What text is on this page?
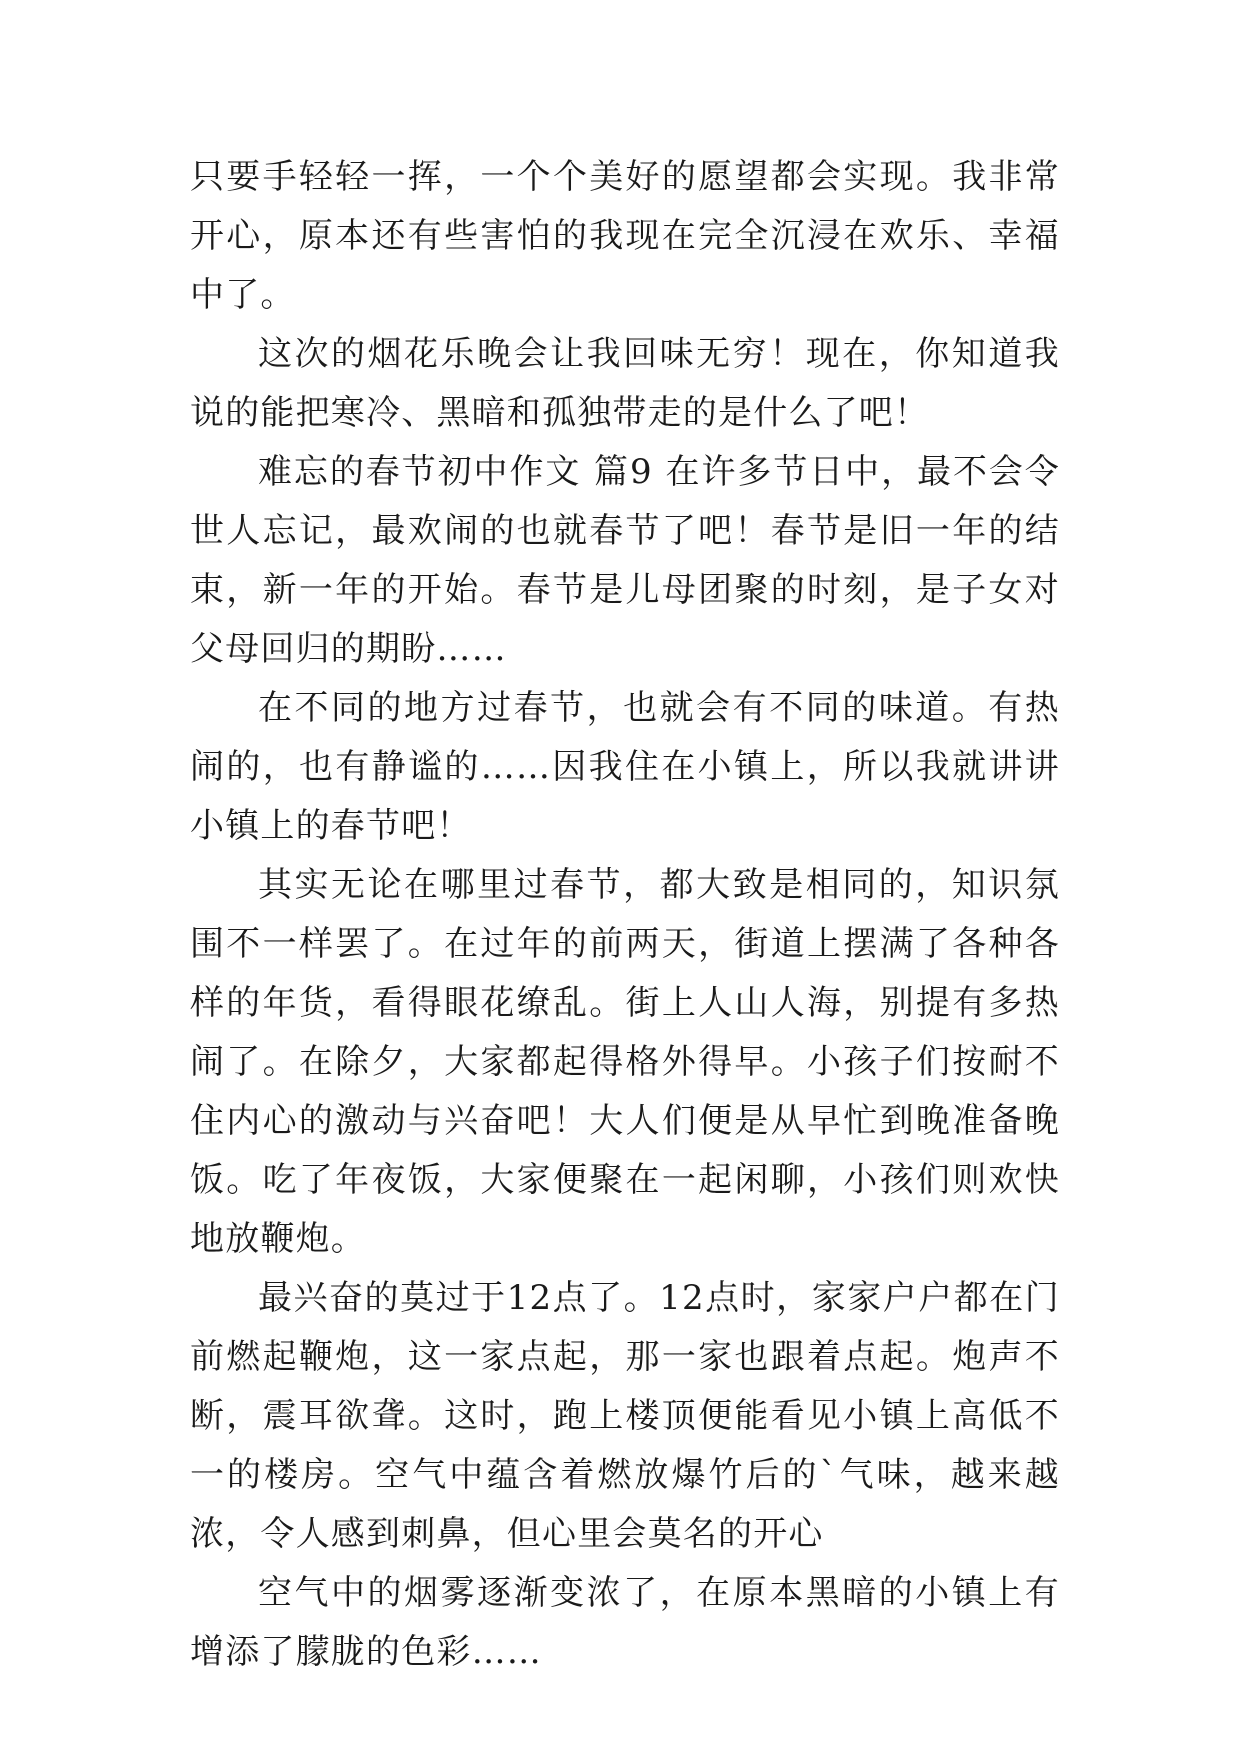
只要手轻轻一挥，一个个美好的愿望都会实现。我非常开心，原本还有些害怕的我现在完全沉浸在欢乐、幸福中了。

这次的烟花乐晚会让我回味无穷！现在，你知道我说的能把寒冷、黑暗和孤独带走的是什么了吧！

难忘的春节初中作文 篇9 在许多节日中，最不会令世人忘记，最欢闹的也就春节了吧！春节是旧一年的结束，新一年的开始。春节是儿母团聚的时刻，是子女对父母回归的期盼……

在不同的地方过春节，也就会有不同的味道。有热闹的，也有静谧的……因我住在小镇上，所以我就讲讲小镇上的春节吧！

其实无论在哪里过春节，都大致是相同的，知识氛围不一样罢了。在过年的前两天，街道上摆满了各种各样的年货，看得眼花缭乱。街上人山人海，别提有多热闹了。在除夕，大家都起得格外得早。小孩子们按耐不住内心的激动与兴奋吧！大人们便是从早忙到晚准备晚饭。吃了年夜饭，大家便聚在一起闲聊，小孩们则欢快地放鞭炮。

最兴奋的莫过于12点了。12点时，家家户户都在门前燃起鞭炮，这一家点起，那一家也跟着点起。炮声不断，震耳欲聋。这时，跑上楼顶便能看见小镇上高低不一的楼房。空气中蕴含着燃放爆竹后的`气味，越来越浓，令人感到刺鼻，但心里会莫名的开心

空气中的烟雾逐渐变浓了，在原本黑暗的小镇上有增添了朦胧的色彩……
